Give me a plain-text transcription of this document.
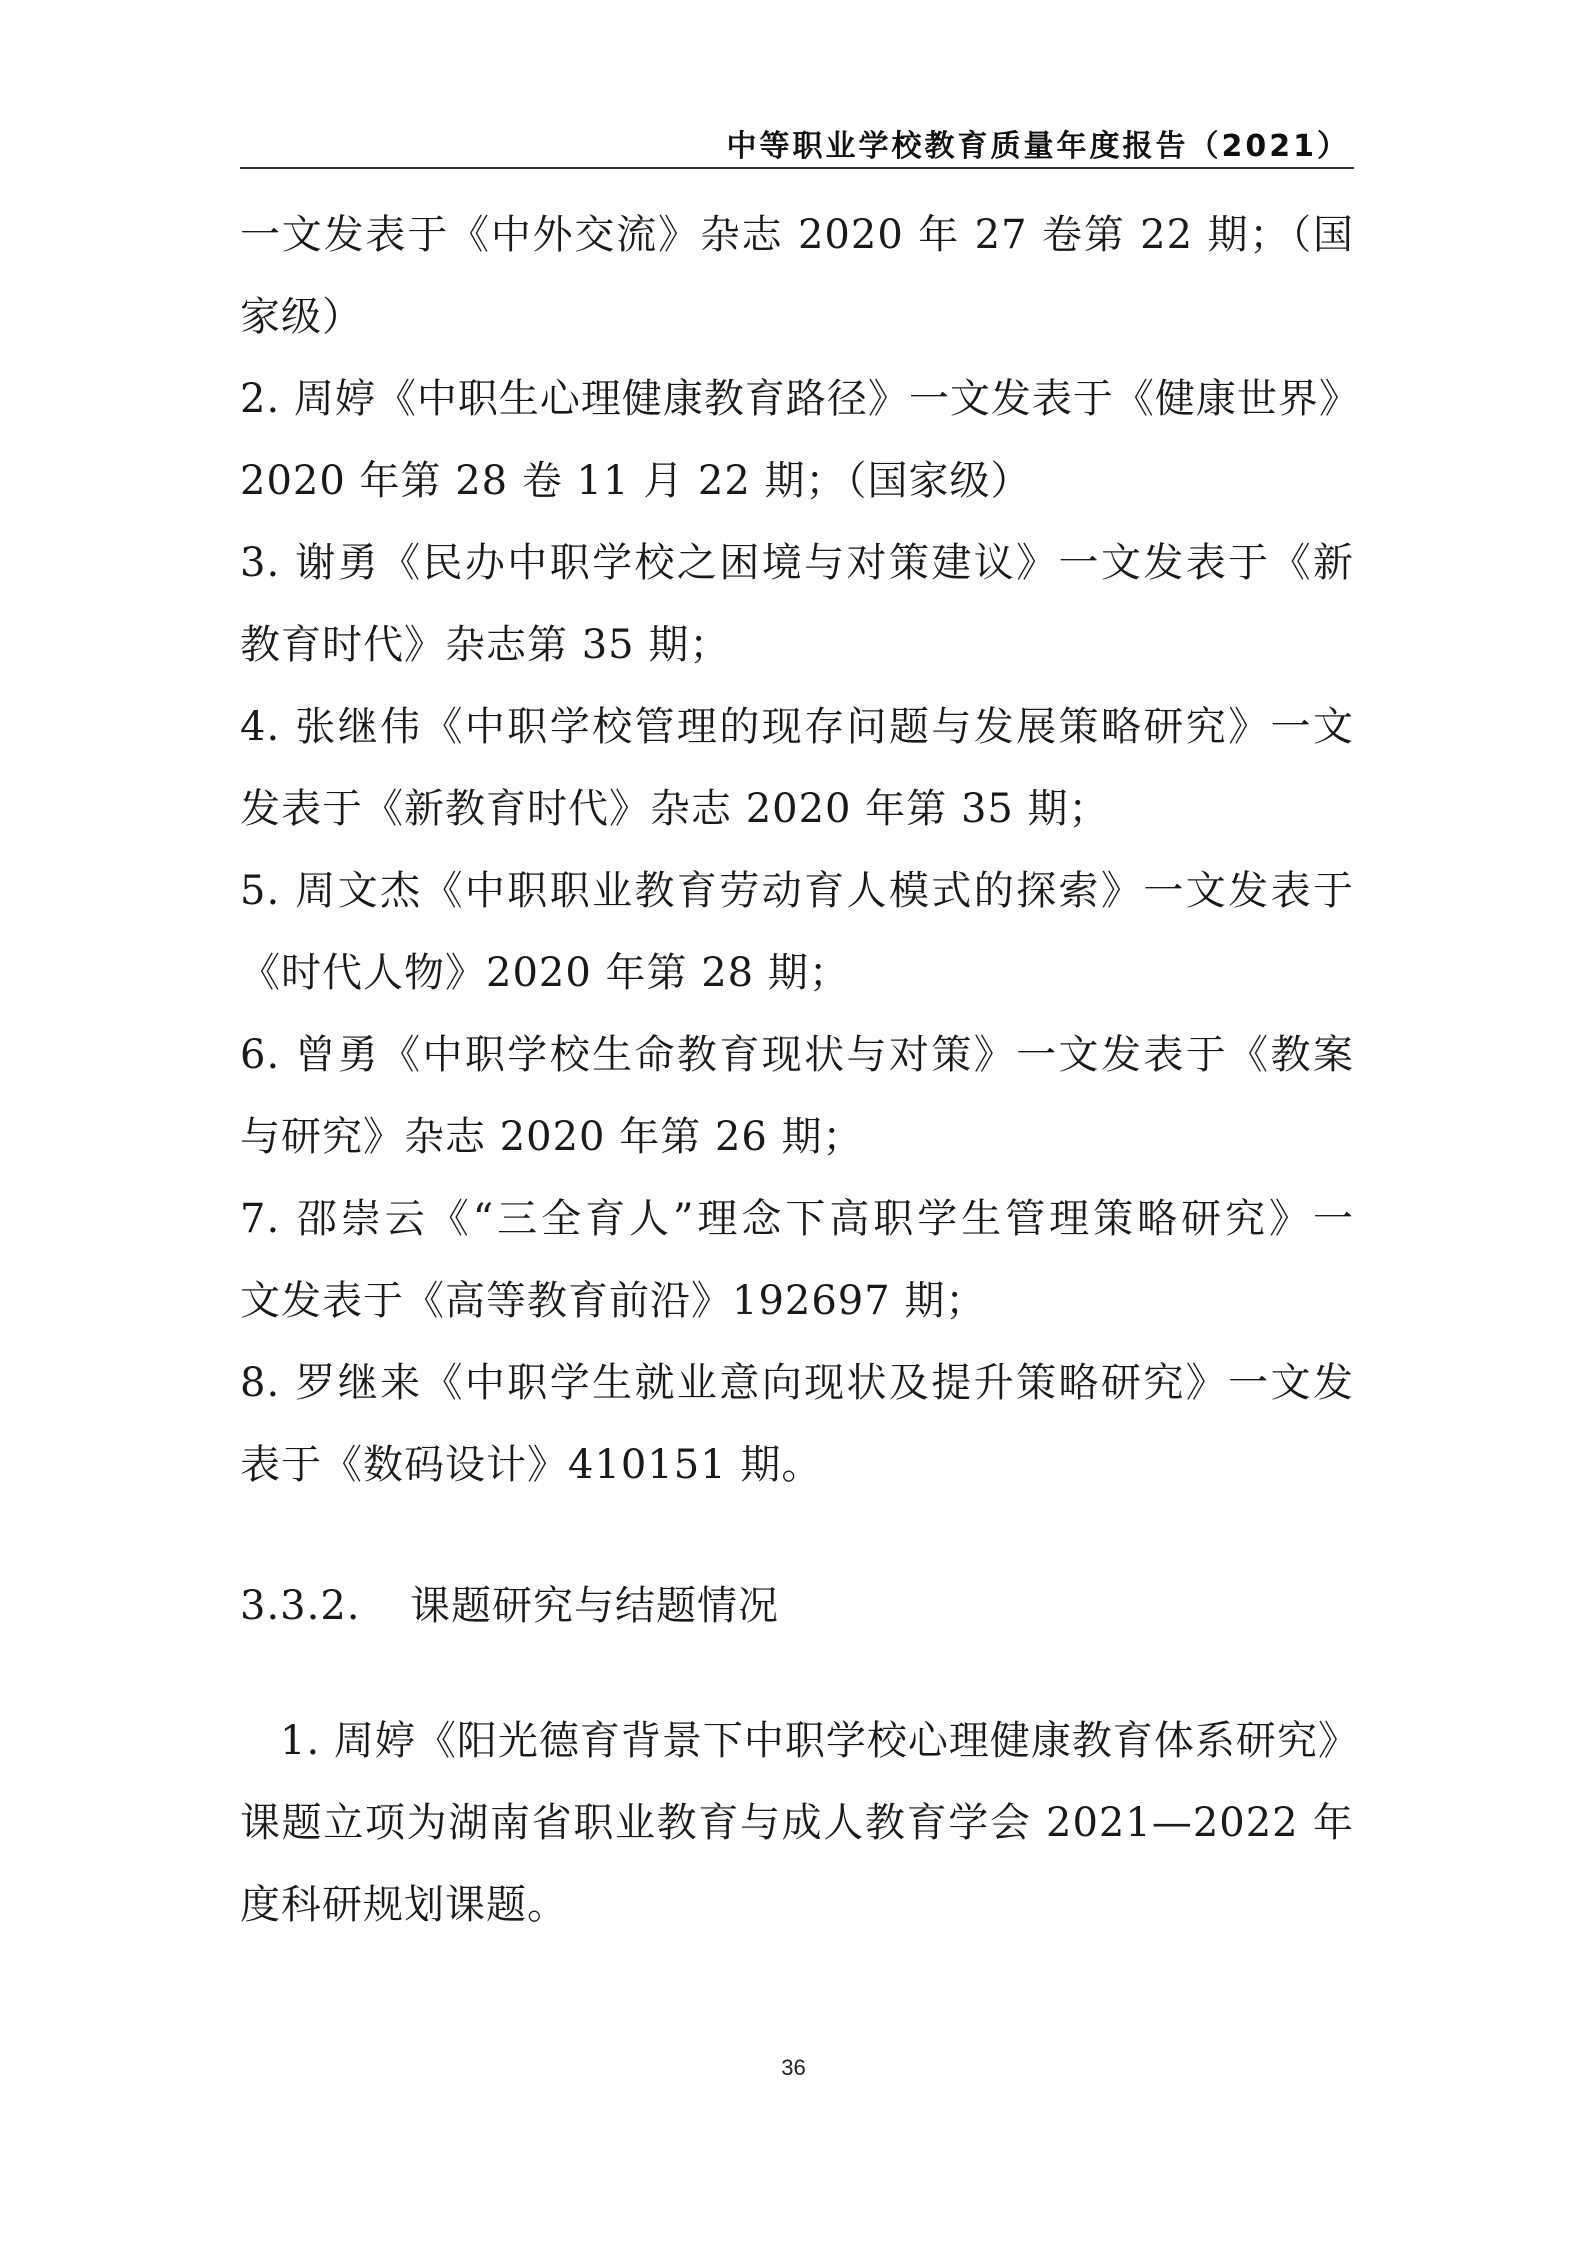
中等职业学校教育质量年度报告（2021）
一文发表于《中外交流》杂志 2020 年 27 卷第 22 期；（国
家级）
2. 周婷《中职生心理健康教育路径》一文发表于《健康世界》
2020 年第 28 卷 11 月 22 期；（国家级）
3. 谢勇《民办中职学校之困境与对策建议》一文发表于《新
教育时代》杂志第 35 期；
4. 张继伟《中职学校管理的现存问题与发展策略研究》一文
发表于《新教育时代》杂志 2020 年第 35 期；
5. 周文杰《中职职业教育劳动育人模式的探索》一文发表于
《时代人物》2020 年第 28 期；
6. 曾勇《中职学校生命教育现状与对策》一文发表于《教案
与研究》杂志 2020 年第 26 期；
7. 邵崇云《“三全育人”理念下高职学生管理策略研究》一
文发表于《高等教育前沿》192697 期；
8. 罗继来《中职学生就业意向现状及提升策略研究》一文发
表于《数码设计》410151 期。
3.3.2. 课题研究与结题情况
1. 周婷《阳光德育背景下中职学校心理健康教育体系研究》
课题立项为湖南省职业教育与成人教育学会 2021—2022 年
度科研规划课题。
36
